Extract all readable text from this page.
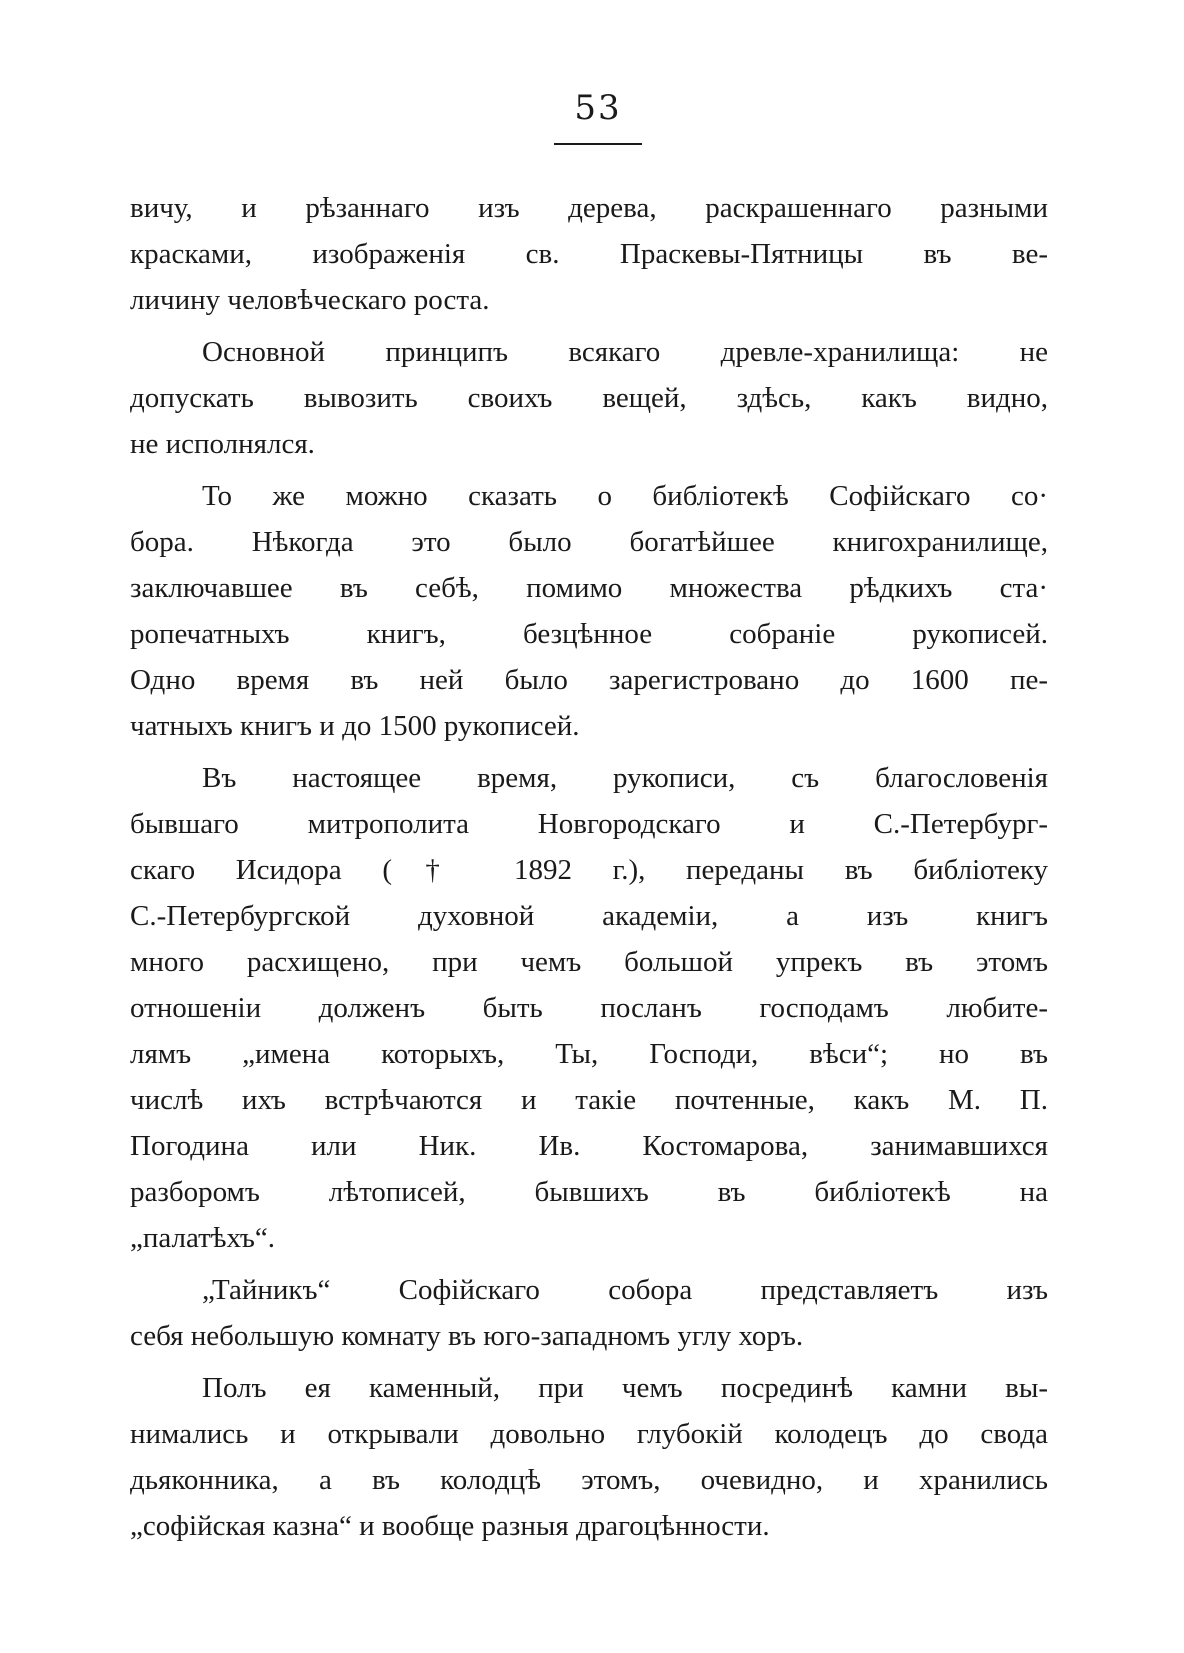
53
вичу, и рѣзаннаго изъ дерева, раскрашеннаго разными
красками, изображенія св. Праскевы-Пятницы въ ве-
личину человѣческаго роста.
Основной принципъ всякаго древле-хранилища: не
допускать вывозить своихъ вещей, здѣсь, какъ видно,
не исполнялся.
То же можно сказать о библіотекѣ Софійскаго со·
бора. Нѣкогда это было богатѣйшее книгохранилище,
заключавшее въ себѣ, помимо множества рѣдкихъ ста·
ропечатныхъ книгъ, безцѣнное собраніе рукописей.
Одно время въ ней было зарегистровано до 1600 пе-
чатныхъ книгъ и до 1500 рукописей.
Въ настоящее время, рукописи, съ благословенія
бывшаго митрополита Новгородскаго и С.-Петербург-
скаго Исидора († 1892 г.), переданы въ библіотеку
С.-Петербургской духовной академіи, а изъ книгъ
много расхищено, при чемъ большой упрекъ въ этомъ
отношеніи долженъ быть посланъ господамъ любите-
лямъ „имена которыхъ, Ты, Господи, вѣси“; но въ
числѣ ихъ встрѣчаются и такіе почтенные, какъ М. П.
Погодина или Ник. Ив. Костомарова, занимавшихся
разборомъ лѣтописей, бывшихъ въ библіотекѣ на
„палатѣхъ“.
„Тайникъ“ Софійскаго собора представляетъ изъ
себя небольшую комнату въ юго-западномъ углу хоръ.
Полъ ея каменный, при чемъ посрединѣ камни вы-
нимались и открывали довольно глубокій колодецъ до свода
дьяконника, а въ колодцѣ этомъ, очевидно, и хранились
„софійская казна“ и вообще разныя драгоцѣнности.
